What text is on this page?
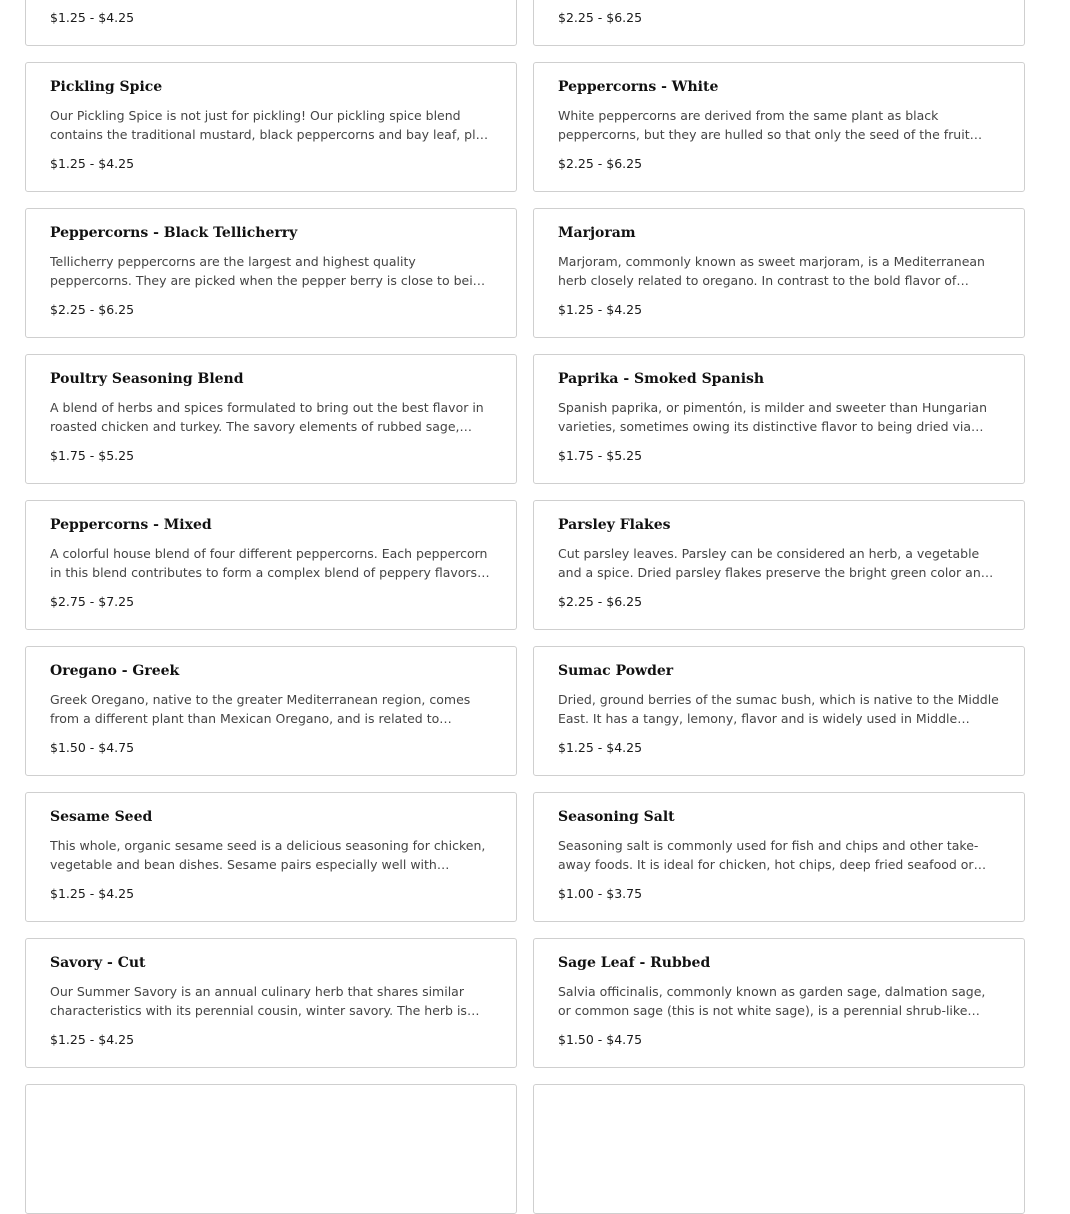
$1.25 - $4.25	$2.25 - $6.25
Pickling Spice
Our Pickling Spice is not just for pickling! Our pickling spice blend contains the traditional mustard, black peppercorns and bay leaf, plus
$1.25 - $4.25
Peppercorns - White
White peppercorns are derived from the same plant as black peppercorns, but they are hulled so that only the seed of the fruit
$2.25 - $6.25
Peppercorns - Black Tellicherry
Tellicherry peppercorns are the largest and highest quality peppercorns. They are picked when the pepper berry is close to being
$2.25 - $6.25
Marjoram
Marjoram, commonly known as sweet marjoram, is a Mediterranean herb closely related to oregano. In contrast to the bold flavor of
$1.25 - $4.25
Poultry Seasoning Blend
A blend of herbs and spices formulated to bring out the best flavor in roasted chicken and turkey. The savory elements of rubbed sage,
$1.75 - $5.25
Paprika - Smoked Spanish
Spanish paprika, or pimentón, is milder and sweeter than Hungarian varieties, sometimes owing its distinctive flavor to being dried via
$1.75 - $5.25
Peppercorns - Mixed
A colorful house blend of four different peppercorns. Each peppercorn in this blend contributes to form a complex blend of peppery flavors…
$2.75 - $7.25
Parsley Flakes
Cut parsley leaves. Parsley can be considered an herb, a vegetable and a spice. Dried parsley flakes preserve the bright green color and
$2.25 - $6.25
Oregano - Greek
Greek Oregano, native to the greater Mediterranean region, comes from a different plant than Mexican Oregano, and is related to
$1.50 - $4.75
Sumac Powder
Dried, ground berries of the sumac bush, which is native to the Middle East. It has a tangy, lemony, flavor and is widely used in Middle
$1.25 - $4.25
Sesame Seed
This whole, organic sesame seed is a delicious seasoning for chicken, vegetable and bean dishes. Sesame pairs especially well with
$1.25 - $4.25
Seasoning Salt
Seasoning salt is commonly used for fish and chips and other take-away foods. It is ideal for chicken, hot chips, deep fried seafood or
$1.00 - $3.75
Savory - Cut
Our Summer Savory is an annual culinary herb that shares similar characteristics with its perennial cousin, winter savory. The herb is
$1.25 - $4.25
Sage Leaf - Rubbed
Salvia officinalis, commonly known as garden sage, dalmation sage, or common sage (this is not white sage), is a perennial shrub-like
$1.50 - $4.75
